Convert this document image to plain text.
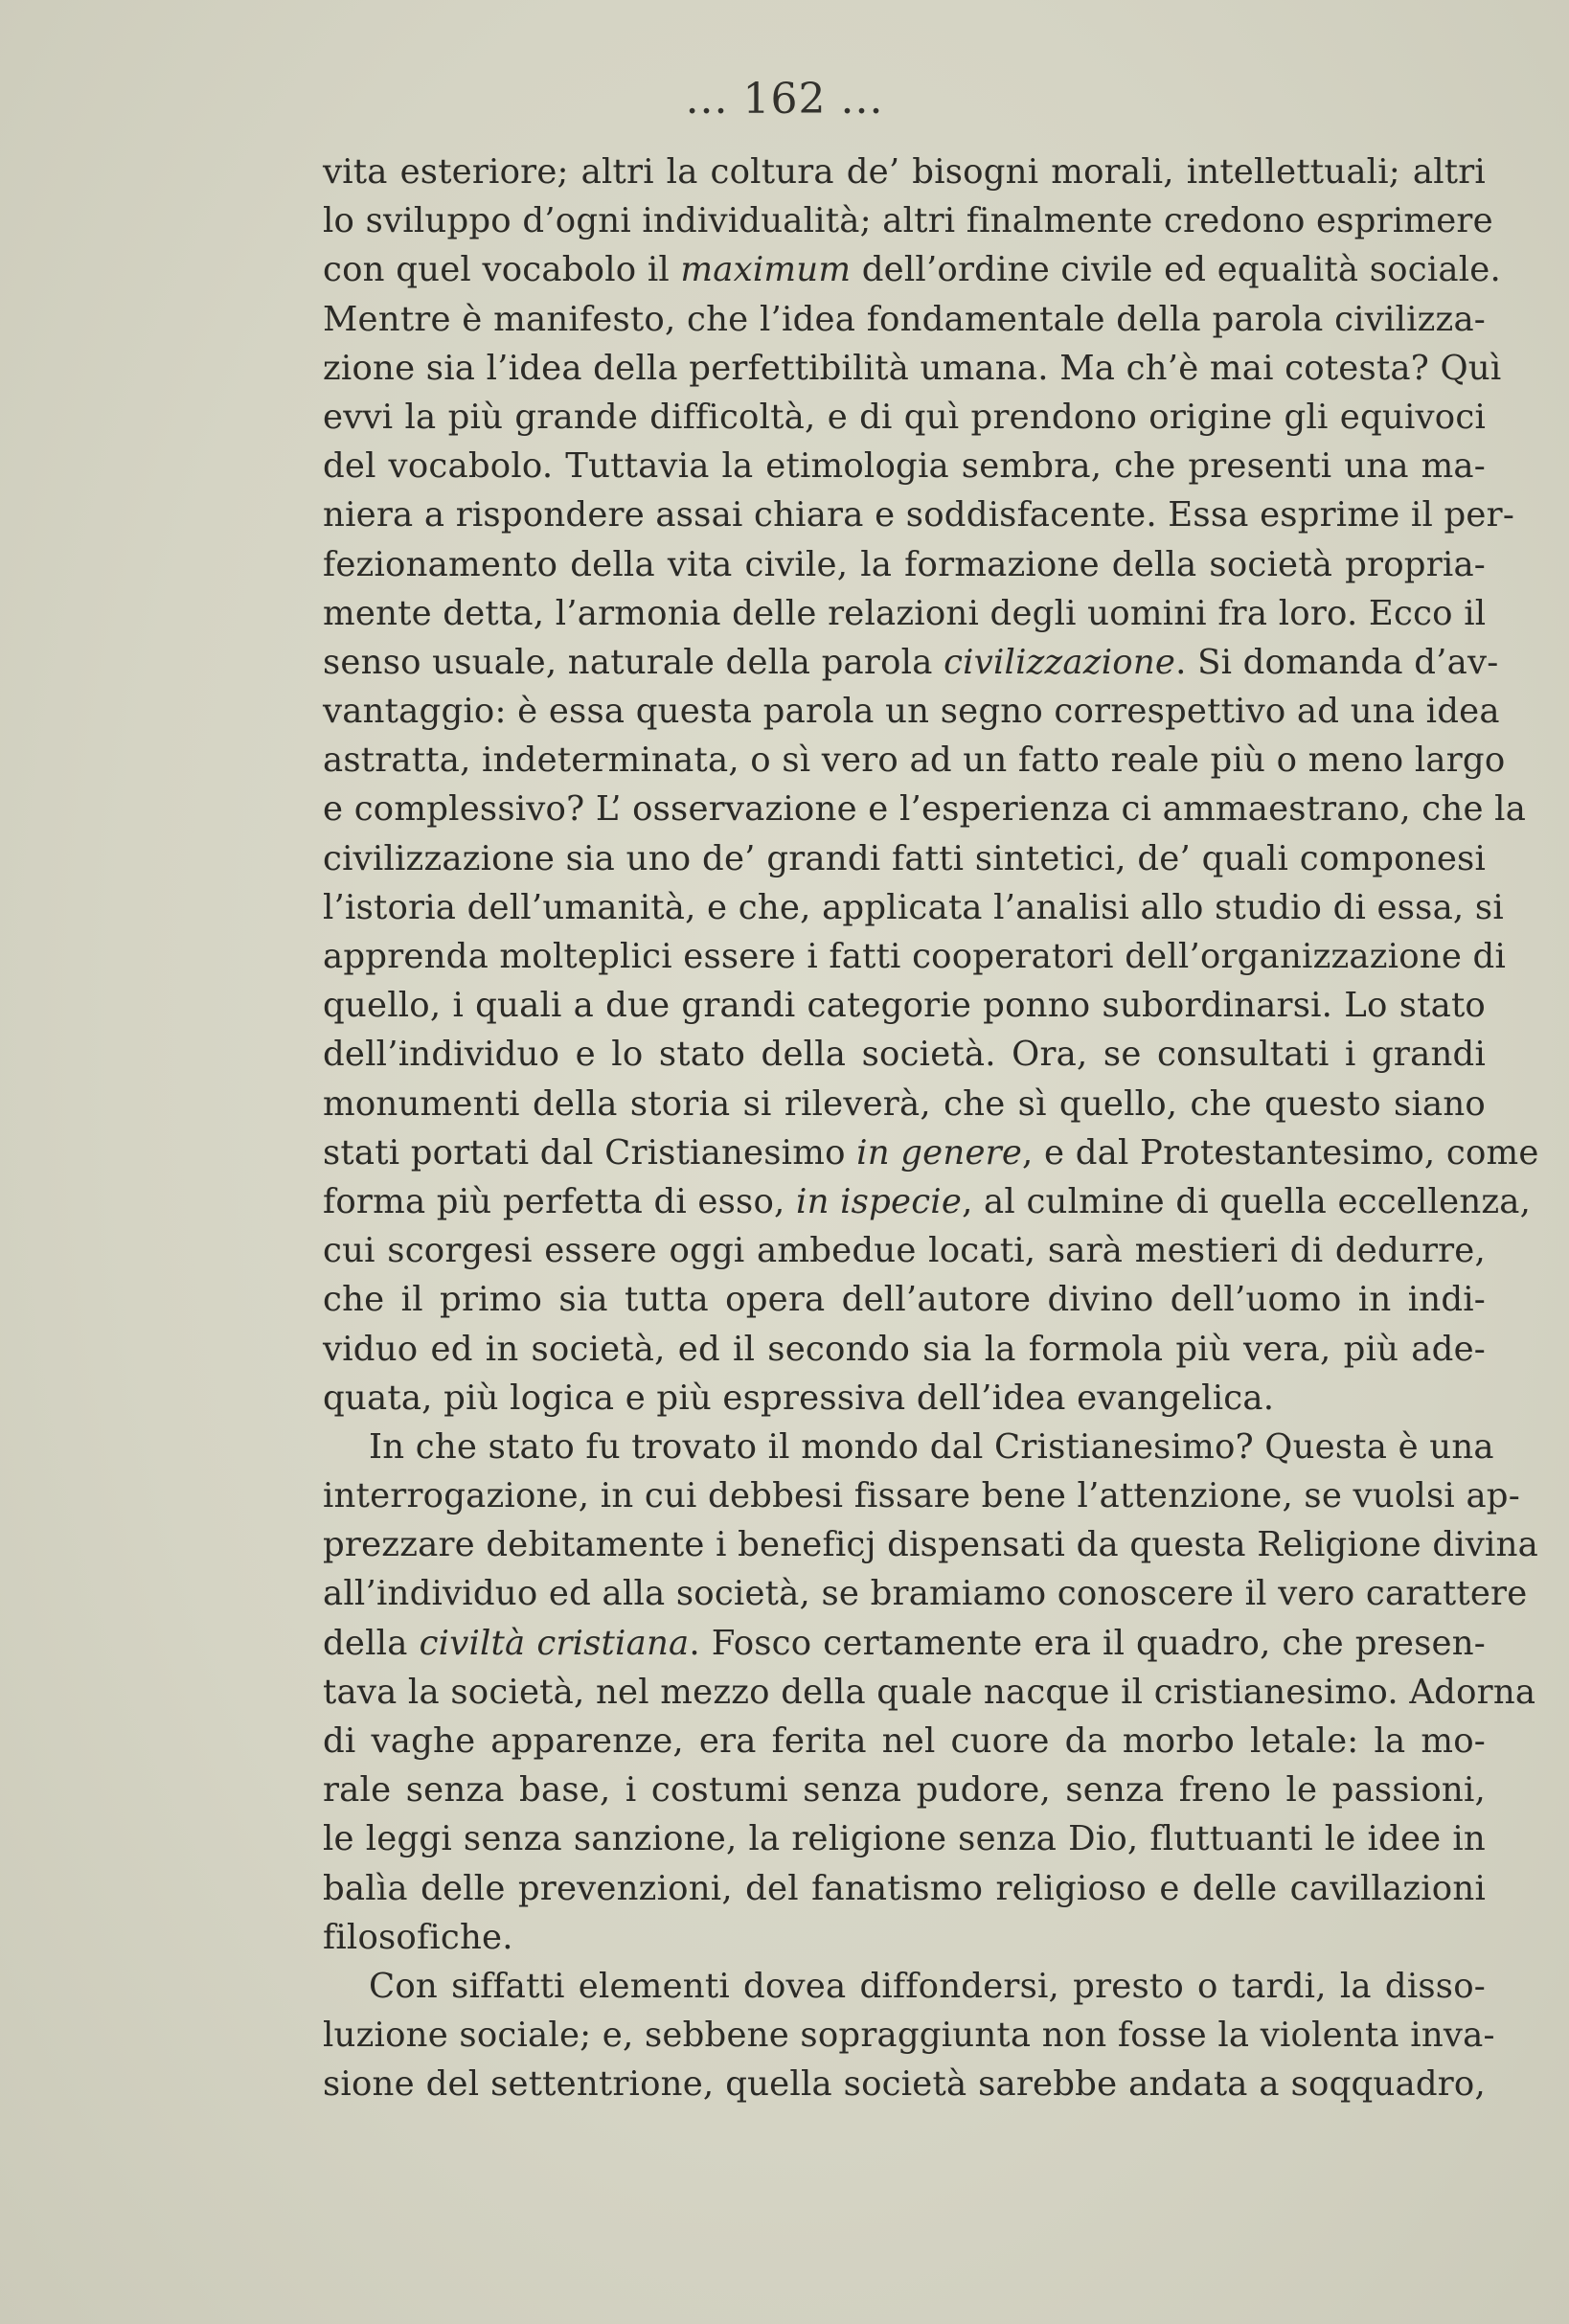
... 162 ...
vita esteriore; altri la coltura de’ bisogni morali, intellettuali; altri
lo sviluppo d’ogni individualità; altri finalmente credono esprimere
con quel vocabolo il maximum dell’ordine civile ed equalità sociale.
Mentre è manifesto, che l’idea fondamentale della parola civilizza-
zione sia l’idea della perfettibilità umana. Ma ch’è mai cotesta? Quì
evvi la più grande difficoltà, e di quì prendono origine gli equivoci
del vocabolo. Tuttavia la etimologia sembra, che presenti una ma-
niera a rispondere assai chiara e soddisfacente. Essa esprime il per-
fezionamento della vita civile, la formazione della società propria-
mente detta, l’armonia delle relazioni degli uomini fra loro. Ecco il
senso usuale, naturale della parola civilizzazione. Si domanda d’av-
vantaggio: è essa questa parola un segno correspettivo ad una idea
astratta, indeterminata, o sì vero ad un fatto reale più o meno largo
e complessivo? L’ osservazione e l’esperienza ci ammaestrano, che la
civilizzazione sia uno de’ grandi fatti sintetici, de’ quali componesi
l’istoria dell’umanità, e che, applicata l’analisi allo studio di essa, si
apprenda molteplici essere i fatti cooperatori dell’organizzazione di
quello, i quali a due grandi categorie ponno subordinarsi. Lo stato
dell’individuo e lo stato della società. Ora, se consultati i grandi
monumenti della storia si rileverà, che sì quello, che questo siano
stati portati dal Cristianesimo in genere, e dal Protestantesimo, come
forma più perfetta di esso, in ispecie, al culmine di quella eccellenza,
cui scorgesi essere oggi ambedue locati, sarà mestieri di dedurre,
che il primo sia tutta opera dell’autore divino dell’uomo in indi-
viduo ed in società, ed il secondo sia la formola più vera, più ade-
quata, più logica e più espressiva dell’idea evangelica.
In che stato fu trovato il mondo dal Cristianesimo? Questa è una
interrogazione, in cui debbesi fissare bene l’attenzione, se vuolsi ap-
prezzare debitamente i beneficj dispensati da questa Religione divina
all’individuo ed alla società, se bramiamo conoscere il vero carattere
della civiltà cristiana. Fosco certamente era il quadro, che presen-
tava la società, nel mezzo della quale nacque il cristianesimo. Adorna
di vaghe apparenze, era ferita nel cuore da morbo letale: la mo-
rale senza base, i costumi senza pudore, senza freno le passioni,
le leggi senza sanzione, la religione senza Dio, fluttuanti le idee in
balìa delle prevenzioni, del fanatismo religioso e delle cavillazioni
filosofiche.
Con siffatti elementi dovea diffondersi, presto o tardi, la disso-
luzione sociale; e, sebbene sopraggiunta non fosse la violenta inva-
sione del settentrione, quella società sarebbe andata a soqquadro,
